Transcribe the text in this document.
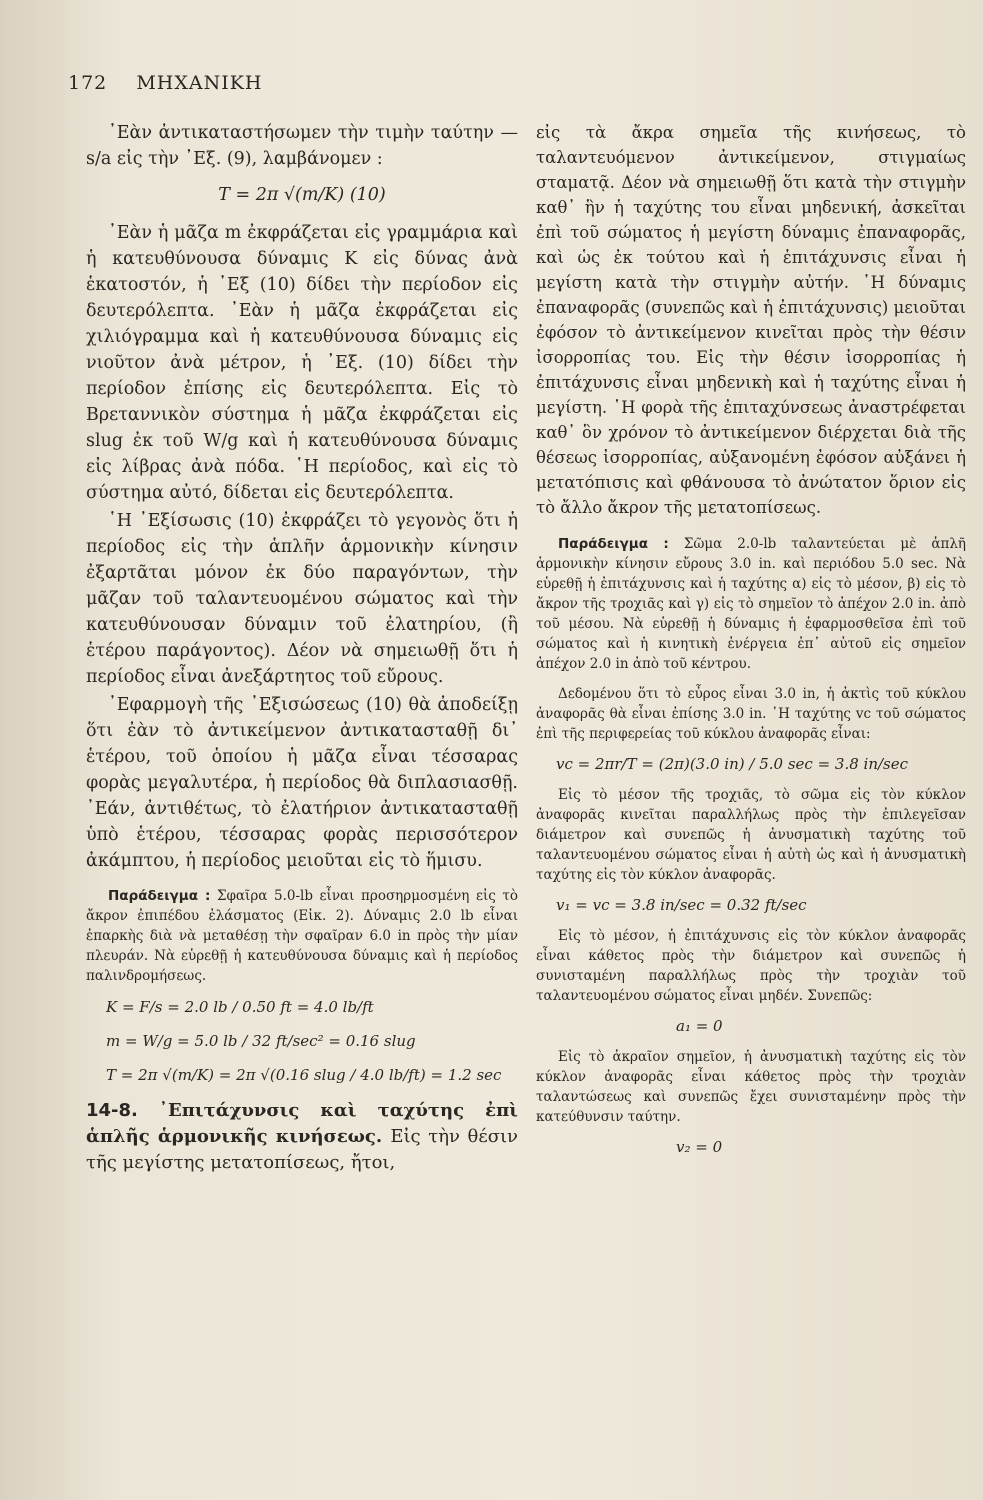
172 ΜΗΧΑΝΙΚΗ

᾿Εὰν ἀντικαταστήσωμεν τὴν τιμὴν ταύτην — s/a εἰς τὴν ᾿Εξ. (9), λαμβάνομεν :

T = 2π √(m/K) (10)

᾿Εὰν ἡ μᾶζα m ἐκφράζεται εἰς γραμμάρια καὶ ἡ κατευθύνουσα δύναμις Κ εἰς δύνας ἀνὰ ἑκατοστόν, ἡ ᾿Εξ (10) δίδει τὴν περίοδον εἰς δευτερόλεπτα. ᾿Εὰν ἡ μᾶζα ἐκφράζεται εἰς χιλιόγραμμα καὶ ἡ κατευθύνουσα δύναμις εἰς νιοῦτον ἀνὰ μέτρον, ἡ ᾿Εξ. (10) δίδει τὴν περίοδον ἐπίσης εἰς δευτερόλεπτα. Εἰς τὸ Βρεταννικὸν σύστημα ἡ μᾶζα ἐκφράζεται εἰς slug ἐκ τοῦ W/g καὶ ἡ κατευθύνουσα δύναμις εἰς λίβρας ἀνὰ πόδα. ῾Η περίοδος, καὶ εἰς τὸ σύστημα αὐτό, δίδεται εἰς δευτερόλεπτα.

῾Η ᾿Εξίσωσις (10) ἐκφράζει τὸ γεγονὸς ὅτι ἡ περίοδος εἰς τὴν ἁπλῆν ἁρμονικὴν κίνησιν ἐξαρτᾶται μόνον ἐκ δύο παραγόντων, τὴν μᾶζαν τοῦ ταλαντευομένου σώματος καὶ τὴν κατευθύνουσαν δύναμιν τοῦ ἐλατηρίου, (ἢ ἑτέρου παράγοντος). Δέον νὰ σημειωθῇ ὅτι ἡ περίοδος εἶναι ἀνεξάρτητος τοῦ εὔρους.

᾿Εφαρμογὴ τῆς ᾿Εξισώσεως (10) θὰ ἀποδείξῃ ὅτι ἐὰν τὸ ἀντικείμενον ἀντικατασταθῇ δι᾿ ἑτέρου, τοῦ ὁποίου ἡ μᾶζα εἶναι τέσσαρας φορὰς μεγαλυτέρα, ἡ περίοδος θὰ διπλασιασθῇ. ᾿Εάν, ἀντιθέτως, τὸ ἐλατήριον ἀντικατασταθῇ ὑπὸ ἑτέρου, τέσσαρας φορὰς περισσότερον ἀκάμπτου, ἡ περίοδος μειοῦται εἰς τὸ ἥμισυ.

Παράδειγμα : Σφαῖρα 5.0-lb εἶναι προσηρμοσμένη εἰς τὸ ἄκρον ἐπιπέδου ἐλάσματος (Εἰκ. 2). Δύναμις 2.0 lb εἶναι ἐπαρκὴς διὰ νὰ μεταθέσῃ τὴν σφαῖραν 6.0 in πρὸς τὴν μίαν πλευράν. Νὰ εὑρεθῇ ἡ κατευθύνουσα δύναμις καὶ ἡ περίοδος παλινδρομήσεως.

K = F/s = 2.0 lb / 0.50 ft = 4.0 lb/ft
m = W/g = 5.0 lb / 32 ft/sec² = 0.16 slug
T = 2π √(m/K) = 2π √(0.16 slug / 4.0 lb/ft) = 1.2 sec

14-8. ᾿Επιτάχυνσις καὶ ταχύτης ἐπὶ ἁπλῆς ἁρμονικῆς κινήσεως. Εἰς τὴν θέσιν τῆς μεγίστης μετατοπίσεως, ἤτοι,

εἰς τὰ ἄκρα σημεῖα τῆς κινήσεως, τὸ ταλαντευόμενον ἀντικείμενον, στιγμαίως σταματᾷ. Δέον νὰ σημειωθῇ ὅτι κατὰ τὴν στιγμὴν καθ᾿ ἣν ἡ ταχύτης του εἶναι μηδενική, ἀσκεῖται ἐπὶ τοῦ σώματος ἡ μεγίστη δύναμις ἐπαναφορᾶς, καὶ ὡς ἐκ τούτου καὶ ἡ ἐπιτάχυνσις εἶναι ἡ μεγίστη κατὰ τὴν στιγμὴν αὐτήν. ῾Η δύναμις ἐπαναφορᾶς (συνεπῶς καὶ ἡ ἐπιτάχυνσις) μειοῦται ἐφόσον τὸ ἀντικείμενον κινεῖται πρὸς τὴν θέσιν ἰσορροπίας του. Εἰς τὴν θέσιν ἰσορροπίας ἡ ἐπιτάχυνσις εἶναι μηδενικὴ καὶ ἡ ταχύτης εἶναι ἡ μεγίστη. ῾Η φορὰ τῆς ἐπιταχύνσεως ἀναστρέφεται καθ᾿ ὃν χρόνον τὸ ἀντικείμενον διέρχεται διὰ τῆς θέσεως ἰσορροπίας, αὐξανομένη ἐφόσον αὐξάνει ἡ μετατόπισις καὶ φθάνουσα τὸ ἀνώτατον ὅριον εἰς τὸ ἄλλο ἄκρον τῆς μετατοπίσεως.

Παράδειγμα : Σῶμα 2.0-lb ταλαντεύεται μὲ ἁπλῆ ἁρμονικὴν κίνησιν εὔρους 3.0 in. καὶ περιόδου 5.0 sec. Νὰ εὑρεθῇ ἡ ἐπιτάχυνσις καὶ ἡ ταχύτης α) εἰς τὸ μέσον, β) εἰς τὸ ἄκρον τῆς τροχιᾶς καὶ γ) εἰς τὸ σημεῖον τὸ ἀπέχον 2.0 in. ἀπὸ τοῦ μέσου. Νὰ εὑρεθῇ ἡ δύναμις ἡ ἐφαρμοσθεῖσα ἐπὶ τοῦ σώματος καὶ ἡ κινητικὴ ἐνέργεια ἐπ᾿ αὐτοῦ εἰς σημεῖον ἀπέχον 2.0 in ἀπὸ τοῦ κέντρου.

Δεδομένου ὅτι τὸ εὖρος εἶναι 3.0 in, ἡ ἀκτὶς τοῦ κύκλου ἀναφορᾶς θὰ εἶναι ἐπίσης 3.0 in. ῾Η ταχύτης vc τοῦ σώματος ἐπὶ τῆς περιφερείας τοῦ κύκλου ἀναφορᾶς εἶναι:

vc = 2πr/T = (2π)(3.0 in) / 5.0 sec = 3.8 in/sec

Εἰς τὸ μέσον τῆς τροχιᾶς, τὸ σῶμα εἰς τὸν κύκλον ἀναφορᾶς κινεῖται παραλλήλως πρὸς τὴν ἐπιλεγεῖσαν διάμετρον καὶ συνεπῶς ἡ ἀνυσματικὴ ταχύτης τοῦ ταλαντευομένου σώματος εἶναι ἡ αὐτὴ ὡς καὶ ἡ ἀνυσματικὴ ταχύτης εἰς τὸν κύκλον ἀναφορᾶς.

v₁ = vc = 3.8 in/sec = 0.32 ft/sec

Εἰς τὸ μέσον, ἡ ἐπιτάχυνσις εἰς τὸν κύκλον ἀναφορᾶς εἶναι κάθετος πρὸς τὴν διάμετρον καὶ συνεπῶς ἡ συνισταμένη παραλλήλως πρὸς τὴν τροχιὰν τοῦ ταλαντευομένου σώματος εἶναι μηδέν. Συνεπῶς:

a₁ = 0

Εἰς τὸ ἀκραῖον σημεῖον, ἡ ἀνυσματικὴ ταχύτης εἰς τὸν κύκλον ἀναφορᾶς εἶναι κάθετος πρὸς τὴν τροχιὰν ταλαντώσεως καὶ συνεπῶς ἔχει συνισταμένην πρὸς τὴν κατεύθυνσιν ταύτην.

v₂ = 0
